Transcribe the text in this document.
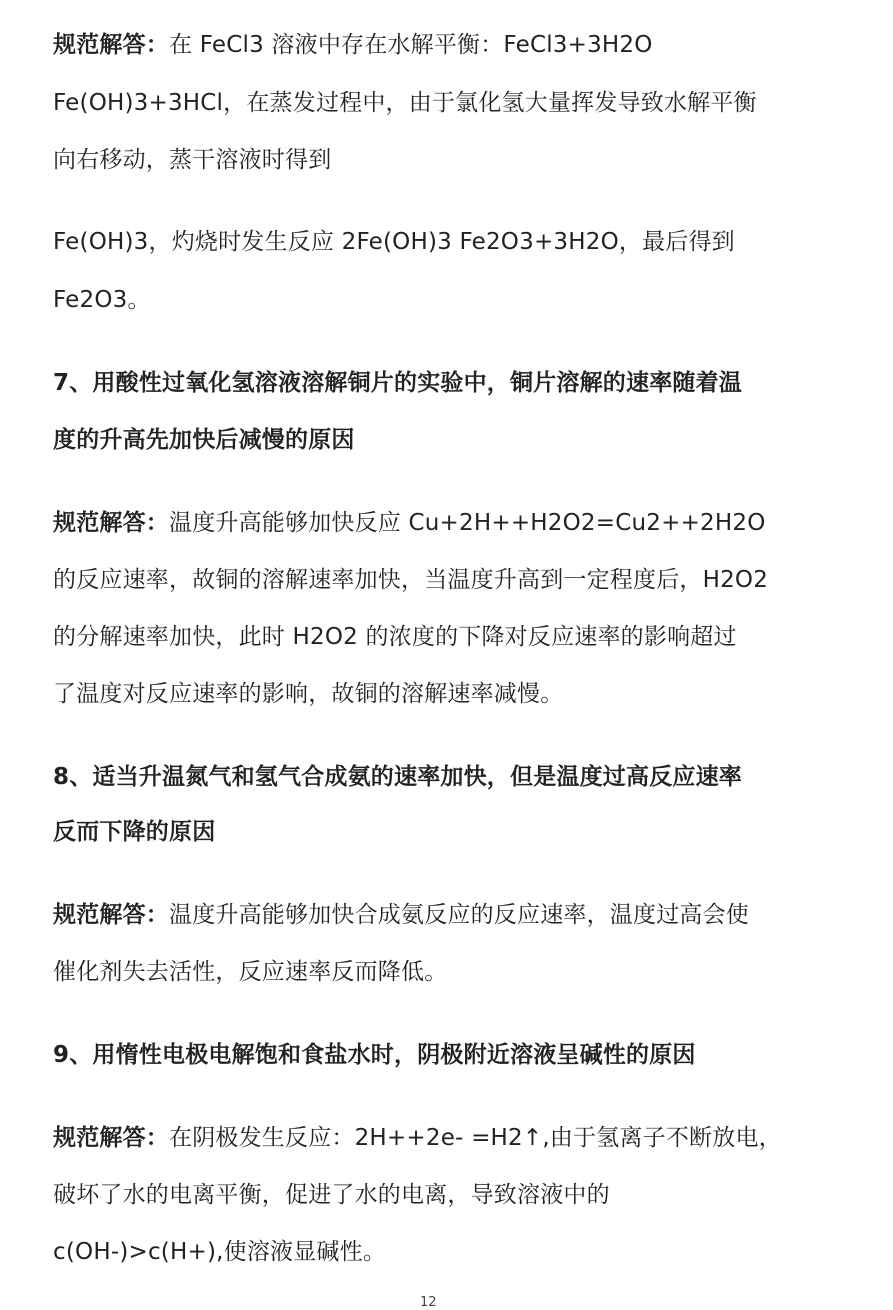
规范解答：在 FeCl3 溶液中存在水解平衡：FeCl3+3H2O
Fe(OH)3+3HCl，在蒸发过程中，由于氯化氢大量挥发导致水解平衡
向右移动，蒸干溶液时得到
Fe(OH)3，灼烧时发生反应 2Fe(OH)3 Fe2O3+3H2O，最后得到
Fe2O3。
7、用酸性过氧化氢溶液溶解铜片的实验中，铜片溶解的速率随着温
度的升高先加快后减慢的原因
规范解答：温度升高能够加快反应 Cu+2H++H2O2=Cu2++2H2O
的反应速率，故铜的溶解速率加快，当温度升高到一定程度后，H2O2
的分解速率加快，此时 H2O2 的浓度的下降对反应速率的影响超过
了温度对反应速率的影响，故铜的溶解速率减慢。
8、适当升温氮气和氢气合成氨的速率加快，但是温度过高反应速率
反而下降的原因
规范解答：温度升高能够加快合成氨反应的反应速率，温度过高会使
催化剂失去活性，反应速率反而降低。
9、用惰性电极电解饱和食盐水时，阴极附近溶液呈碱性的原因
规范解答：在阴极发生反应：2H++2e- =H2↑,由于氢离子不断放电，
破坏了水的电离平衡，促进了水的电离，导致溶液中的
c(OH-)>c(H+),使溶液显碱性。
12
